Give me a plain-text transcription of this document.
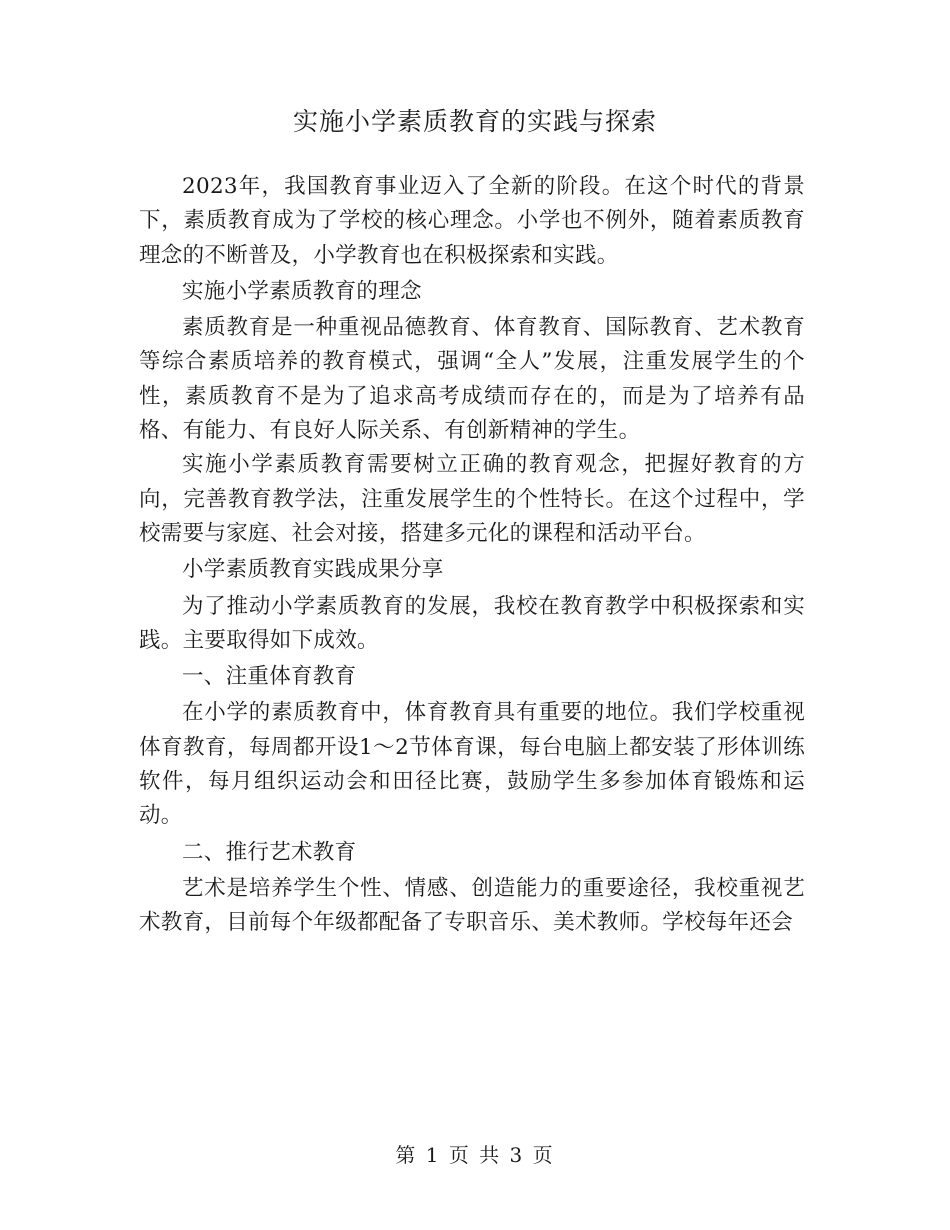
实施小学素质教育的实践与探索

2023年，我国教育事业迈入了全新的阶段。在这个时代的背景下，素质教育成为了学校的核心理念。小学也不例外，随着素质教育理念的不断普及，小学教育也在积极探索和实践。

实施小学素质教育的理念

素质教育是一种重视品德教育、体育教育、国际教育、艺术教育等综合素质培养的教育模式，强调“全人”发展，注重发展学生的个性，素质教育不是为了追求高考成绩而存在的，而是为了培养有品格、有能力、有良好人际关系、有创新精神的学生。

实施小学素质教育需要树立正确的教育观念，把握好教育的方向，完善教育教学法，注重发展学生的个性特长。在这个过程中，学校需要与家庭、社会对接，搭建多元化的课程和活动平台。

小学素质教育实践成果分享

为了推动小学素质教育的发展，我校在教育教学中积极探索和实践。主要取得如下成效。

一、注重体育教育

在小学的素质教育中，体育教育具有重要的地位。我们学校重视体育教育，每周都开设1～2节体育课，每台电脑上都安装了形体训练软件，每月组织运动会和田径比赛，鼓励学生多参加体育锻炼和运动。

二、推行艺术教育

艺术是培养学生个性、情感、创造能力的重要途径，我校重视艺术教育，目前每个年级都配备了专职音乐、美术教师。学校每年还会

第 1 页 共 3 页
